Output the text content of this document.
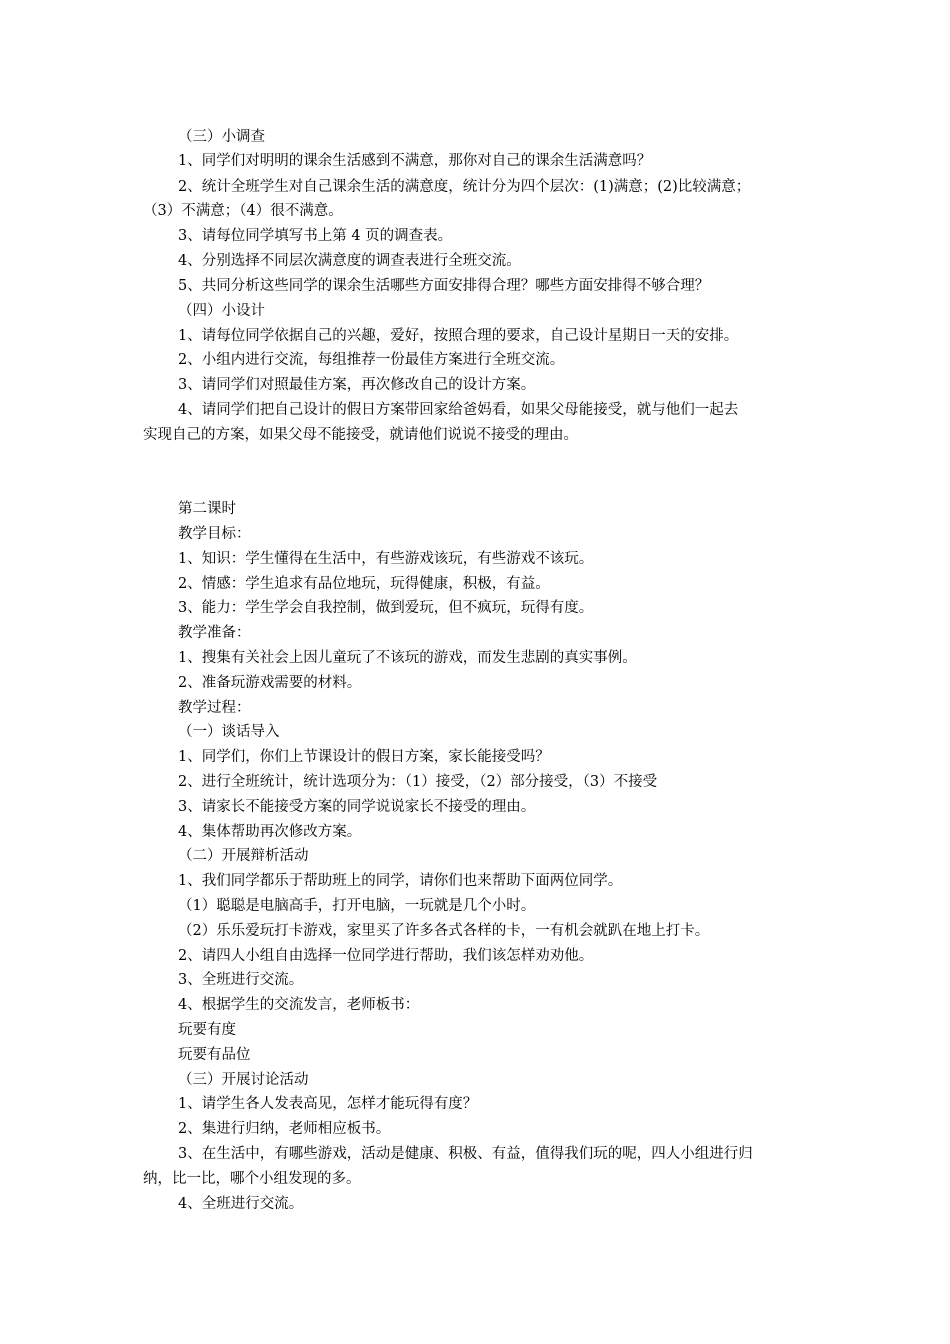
（三）小调查
1、同学们对明明的课余生活感到不满意，那你对自己的课余生活满意吗？
2、统计全班学生对自己课余生活的满意度，统计分为四个层次：(1)满意；(2)比较满意；
（3）不满意；（4）很不满意。
3、请每位同学填写书上第 4 页的调查表。
4、分别选择不同层次满意度的调查表进行全班交流。
5、共同分析这些同学的课余生活哪些方面安排得合理？哪些方面安排得不够合理？
（四）小设计
1、请每位同学依据自己的兴趣，爱好，按照合理的要求，自己设计星期日一天的安排。
2、小组内进行交流，每组推荐一份最佳方案进行全班交流。
3、请同学们对照最佳方案，再次修改自己的设计方案。
4、请同学们把自己设计的假日方案带回家给爸妈看，如果父母能接受，就与他们一起去
实现自己的方案，如果父母不能接受，就请他们说说不接受的理由。
第二课时
教学目标：
1、知识：学生懂得在生活中，有些游戏该玩，有些游戏不该玩。
2、情感：学生追求有品位地玩，玩得健康，积极，有益。
3、能力：学生学会自我控制，做到爱玩，但不疯玩，玩得有度。
教学准备：
1、搜集有关社会上因儿童玩了不该玩的游戏，而发生悲剧的真实事例。
2、准备玩游戏需要的材料。
教学过程：
（一）谈话导入
1、同学们，你们上节课设计的假日方案，家长能接受吗？
2、进行全班统计，统计选项分为：（1）接受，（2）部分接受，（3）不接受
3、请家长不能接受方案的同学说说家长不接受的理由。
4、集体帮助再次修改方案。
（二）开展辩析活动
1、我们同学都乐于帮助班上的同学，请你们也来帮助下面两位同学。
（1）聪聪是电脑高手，打开电脑，一玩就是几个小时。
（2）乐乐爱玩打卡游戏，家里买了许多各式各样的卡，一有机会就趴在地上打卡。
2、请四人小组自由选择一位同学进行帮助，我们该怎样劝劝他。
3、全班进行交流。
4、根据学生的交流发言，老师板书：
玩要有度
玩要有品位
（三）开展讨论活动
1、请学生各人发表高见，怎样才能玩得有度？
2、集进行归纳，老师相应板书。
3、在生活中，有哪些游戏，活动是健康、积极、有益，值得我们玩的呢，四人小组进行归
纳，比一比，哪个小组发现的多。
4、全班进行交流。
